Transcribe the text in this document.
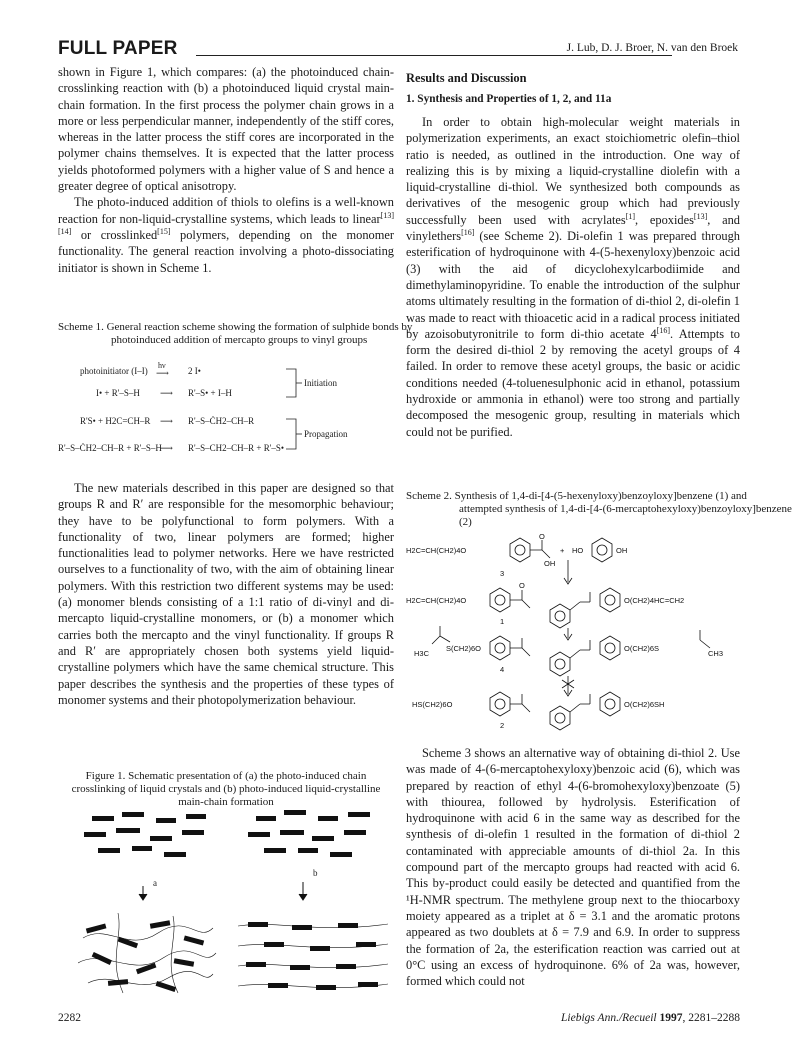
FULL PAPER	J. Lub, D. J. Broer, N. van den Broek

shown in Figure 1, which compares: (a) the photoinduced chain-crosslinking reaction with (b) a photoinduced liquid crystal main-chain formation. In the first process the polymer chain grows in a more or less perpendicular manner, independently of the stiff cores, whereas in the latter process the stiff cores are incorporated in the polymer chains themselves. It is expected that the latter process yields photoformed polymers with a higher value of S and hence a greater degree of optical anisotropy.

The photo-induced addition of thiols to olefins is a well-known reaction for non-liquid-crystalline systems, which leads to linear[13][14] or crosslinked[15] polymers, depending on the monomer functionality. The general reaction involving a photo-dissociating initiator is shown in Scheme 1.

Scheme 1. General reaction scheme showing the formation of sulphide bonds by photoinduced addition of mercapto groups to vinyl groups
photoinitiator (I–I)
hν
⟶ 2 I•
I• + R'–S–H ⟶ R'–S• + I–H
R'S• + H2C=CH–R ⟶ R'–S–ĊH2–CH–R
R'–S–ĊH2–CH–R + R'–S–H
⟶ R'–S–CH2–CH–R + R'–S•
Initiation
Propagation

The new materials described in this paper are designed so that groups R and R′ are responsible for the mesomorphic behaviour; they have to be polyfunctional to form polymers. With a functionality of two, linear polymers are formed; higher functionalities lead to polymer networks. Here we have restricted ourselves to a functionality of two, with the aim of obtaining linear polymers. With this restriction two different systems may be used: (a) monomer blends consisting of a 1:1 ratio of di-vinyl and di-mercapto liquid-crystalline monomers, or (b) a monomer which carries both the mercapto and the vinyl functionality. If groups R and R′ are appropriately chosen both systems yield liquid-crystalline polymers which have the same chemical structure. This paper describes the synthesis and the properties of these types of monomer systems and their photopolymerization behaviour.

Figure 1. Schematic presentation of (a) the photo-induced chain crosslinking of liquid crystals and (b) photo-induced liquid-crystalline main-chain formation
a
b
Results and Discussion
1. Synthesis and Properties of 1, 2, and 11a

In order to obtain high-molecular weight materials in polymerization experiments, an exact stoichiometric olefin–thiol ratio is needed, as outlined in the introduction. One way of realizing this is by mixing a liquid-crystalline diolefin with a liquid-crystalline di-thiol. We synthesized both compounds as derivatives of the mesogenic group which had previously successfully been used with acrylates[1], epoxides[13], and vinylethers[16] (see Scheme 2). Di-olefin 1 was prepared through esterification of hydroquinone with 4-(5-hexenyloxy)benzoic acid (3) with the aid of dicyclohexylcarbodiimide and dimethylaminopyridine. To enable the introduction of the sulphur atoms ultimately resulting in the formation of di-thiol 2, di-olefin 1 was made to react with thioacetic acid in a radical process initiated by azoisobutyronitrile to form di-thio acetate 4[16]. Attempts to form the desired di-thiol 2 by removing the acetyl groups of 4 failed. In order to remove these acetyl groups, the basic or acidic conditions needed (4-toluenesulphonic acid in ethanol, potassium hydroxide or ammonia in ethanol) were too strong and partially decomposed the mesogenic group, resulting in materials which could not be purified.

Scheme 2. Synthesis of 1,4-di-[4-(5-hexenyloxy)benzoyloxy]benzene (1) and attempted synthesis of 1,4-di-[4-(6-mercaptohexyloxy)benzoyloxy]benzene (2)
H2C=CH(CH2)4O
O
OH
+ HO	OH
3
H2C=CH(CH2)4O
O
O(CH2)4HC=CH2
1
S(CH2)6O
H3C
O(CH2)6S
CH3
4
HS(CH2)6O	O(CH2)6SH
2

Scheme 3 shows an alternative way of obtaining di-thiol 2. Use was made of 4-(6-mercaptohexyloxy)benzoic acid (6), which was prepared by reaction of ethyl 4-(6-bromohexyloxy)benzoate (5) with thiourea, followed by hydrolysis. Esterification of hydroquinone with acid 6 in the same way as described for the synthesis of di-olefin 1 resulted in the formation of di-thiol 2 contaminated with appreciable amounts of di-thiol 2a. In this compound part of the mercapto groups had reacted with acid 6. This by-product could easily be detected and quantified from the ¹H-NMR spectrum. The methylene group next to the thiocarboxy moiety appeared as a triplet at δ = 3.1 and the aromatic protons appeared as two doublets at δ = 7.9 and 6.9. In order to suppress the formation of 2a, the esterification reaction was carried out at 0°C using an excess of hydroquinone. 6% of 2a was, however, formed which could not

2282	Liebigs Ann./Recueil 1997, 2281–2288
